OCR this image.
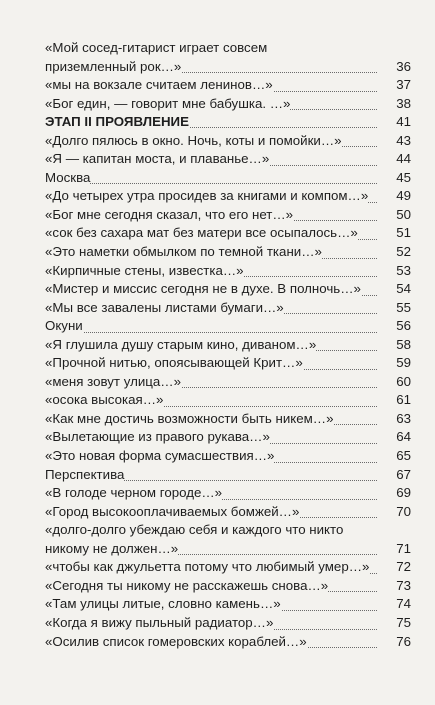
«Мой сосед-гитарист играет совсем
приземленный рок…»	36
«мы на вокзале считаем ленинов…»	37
«Бог един, — говорит мне бабушка. …»	38
ЭТАП II ПРОЯВЛЕНИЕ	41
«Долго пялюсь в окно. Ночь, коты и помойки…»	43
«Я — капитан моста, и плаванье…»	44
Москва	45
«До четырех утра просидев за книгами и компом…»	49
«Бог мне сегодня сказал, что его нет…»	50
«сок без сахара мат без матери все осыпалось…»	51
«Это наметки обмылком по темной ткани…»	52
«Кирпичные стены, известка…»	53
«Мистер и миссис сегодня не в духе. В полночь…»	54
«Мы все завалены листами бумаги…»	55
Окуни	56
«Я глушила душу старым кино, диваном…»	58
«Прочной нитью, опоясывающей Крит…»	59
«меня зовут улица…»	60
«осока высокая…»	61
«Как мне достичь возможности быть никем…»	63
«Вылетающие из правого рукава…»	64
«Это новая форма сумасшествия…»	65
Перспектива	67
«В голоде черном городе…»	69
«Город высокооплачиваемых бомжей…»	70
«долго-долго убеждаю себя и каждого что никто
никому не должен…»	71
«чтобы как джульетта потому что любимый умер…»	72
«Сегодня ты никому не расскажешь снова…»	73
«Там улицы литые, словно камень…»	74
«Когда я вижу пыльный радиатор…»	75
«Осилив список гомеровских кораблей…»	76
